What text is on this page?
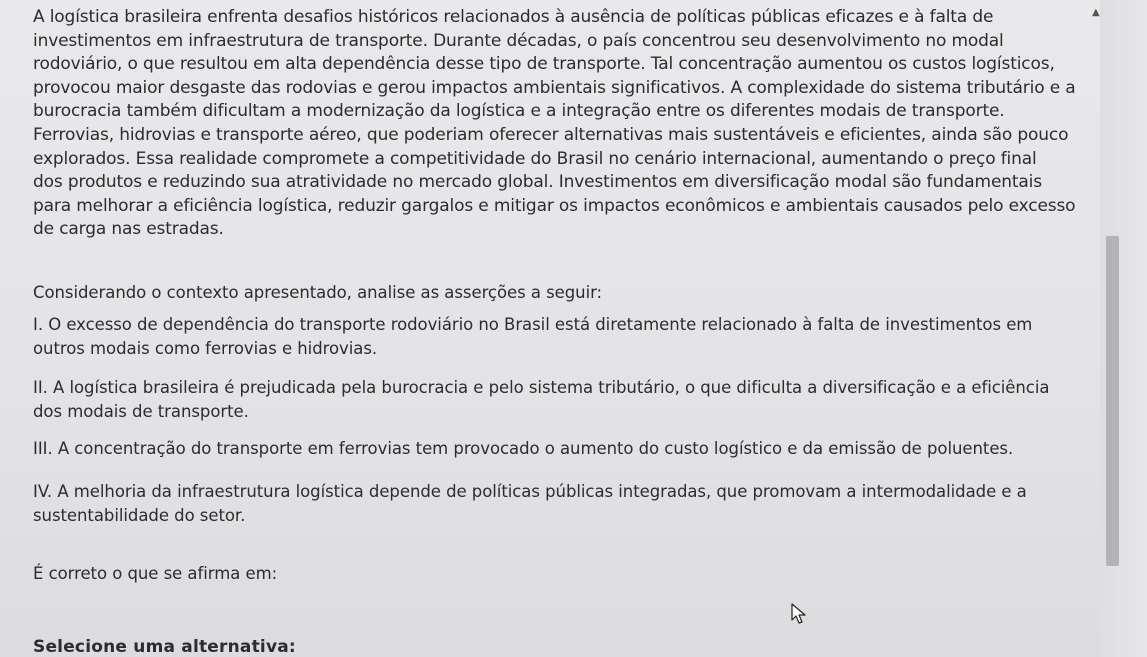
A logística brasileira enfrenta desafios históricos relacionados à ausência de políticas públicas eficazes e à falta de
investimentos em infraestrutura de transporte. Durante décadas, o país concentrou seu desenvolvimento no modal
rodoviário, o que resultou em alta dependência desse tipo de transporte. Tal concentração aumentou os custos logísticos,
provocou maior desgaste das rodovias e gerou impactos ambientais significativos. A complexidade do sistema tributário e a
burocracia também dificultam a modernização da logística e a integração entre os diferentes modais de transporte.
Ferrovias, hidrovias e transporte aéreo, que poderiam oferecer alternativas mais sustentáveis e eficientes, ainda são pouco
explorados. Essa realidade compromete a competitividade do Brasil no cenário internacional, aumentando o preço final
dos produtos e reduzindo sua atratividade no mercado global. Investimentos em diversificação modal são fundamentais
para melhorar a eficiência logística, reduzir gargalos e mitigar os impactos econômicos e ambientais causados pelo excesso
de carga nas estradas.
Considerando o contexto apresentado, analise as asserções a seguir:
I. O excesso de dependência do transporte rodoviário no Brasil está diretamente relacionado à falta de investimentos em
outros modais como ferrovias e hidrovias.
II. A logística brasileira é prejudicada pela burocracia e pelo sistema tributário, o que dificulta a diversificação e a eficiência
dos modais de transporte.
III. A concentração do transporte em ferrovias tem provocado o aumento do custo logístico e da emissão de poluentes.
IV. A melhoria da infraestrutura logística depende de políticas públicas integradas, que promovam a intermodalidade e a
sustentabilidade do setor.
É correto o que se afirma em:
Selecione uma alternativa:
▲
